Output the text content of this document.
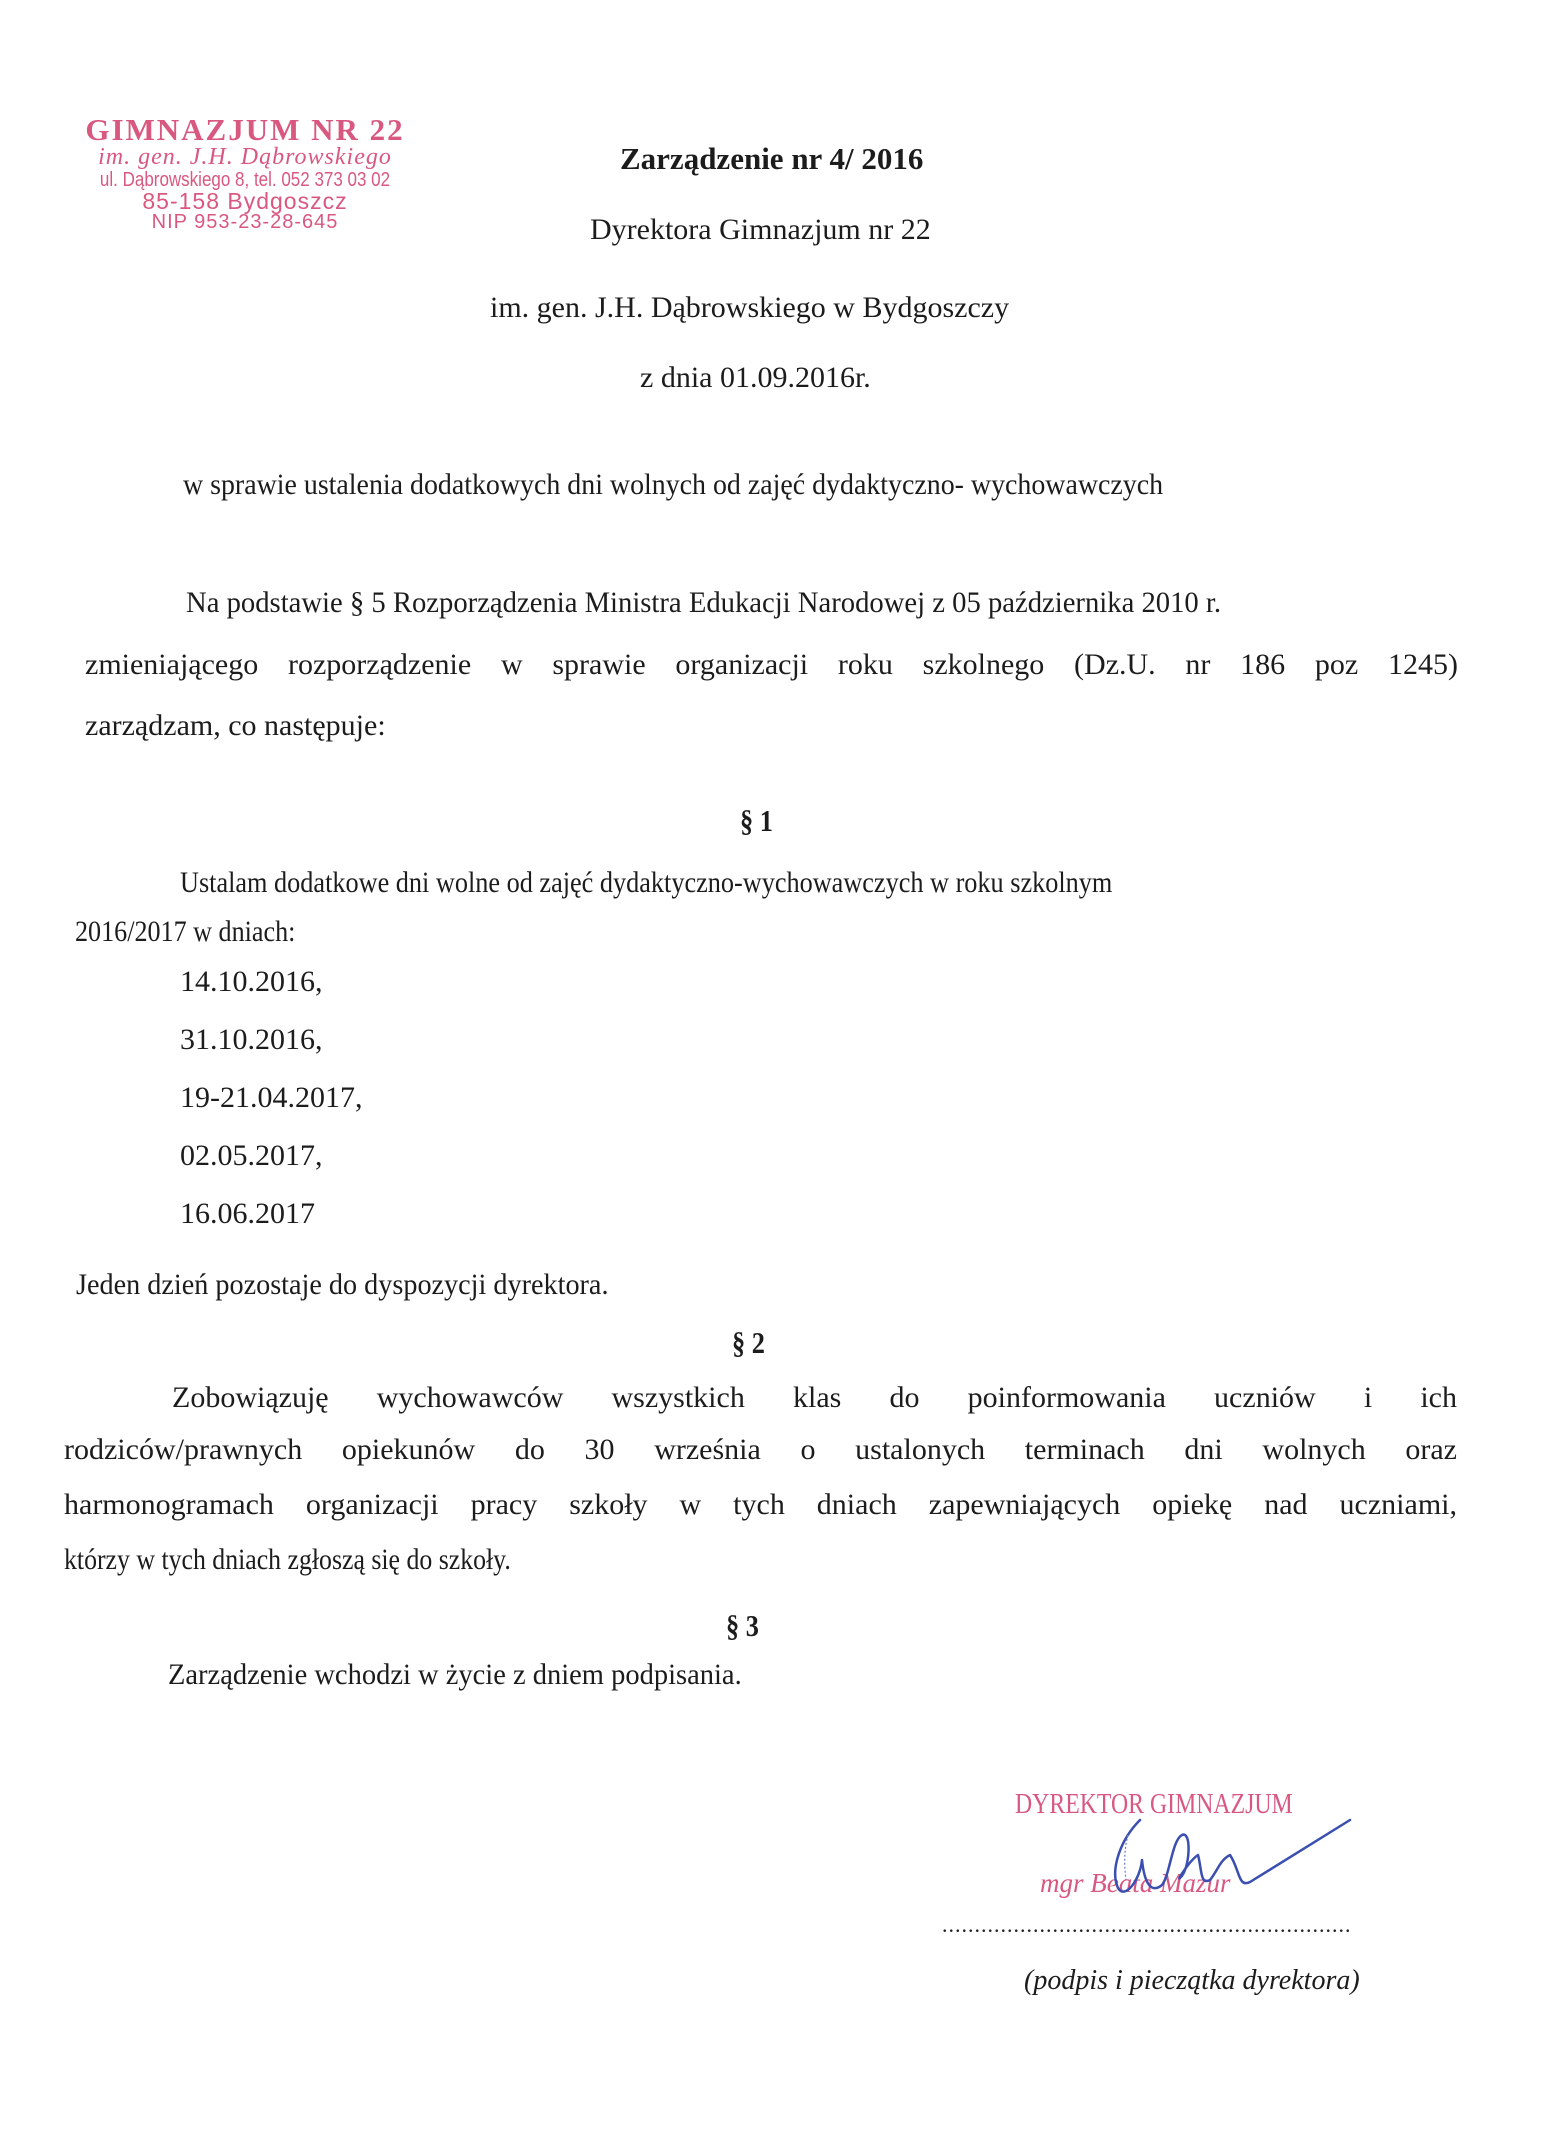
GIMNAZJUM NR 22
im. gen. J.H. Dąbrowskiego
ul. Dąbrowskiego 8, tel. 052 373 03 02
85-158 Bydgoszcz
NIP 953-23-28-645
Zarządzenie nr 4/ 2016
Dyrektora Gimnazjum nr 22
im. gen. J.H. Dąbrowskiego w Bydgoszczy
z dnia 01.09.2016r.
w sprawie ustalenia dodatkowych dni wolnych od zajęć dydaktyczno- wychowawczych
Na podstawie § 5 Rozporządzenia Ministra Edukacji Narodowej z 05 października 2010 r.
zmieniającego rozporządzenie w sprawie organizacji roku szkolnego (Dz.U. nr 186 poz 1245)
zarządzam, co następuje:
§ 1
Ustalam dodatkowe dni wolne od zajęć dydaktyczno-wychowawczych w roku szkolnym
2016/2017 w dniach:
14.10.2016,
31.10.2016,
19-21.04.2017,
02.05.2017,
16.06.2017
Jeden dzień pozostaje do dyspozycji dyrektora.
§ 2
Zobowiązuję wychowawców wszystkich klas do poinformowania uczniów i ich
rodziców/prawnych opiekunów do 30 września o ustalonych terminach dni wolnych oraz
harmonogramach organizacji pracy szkoły w tych dniach zapewniających opiekę nad uczniami,
którzy w tych dniach zgłoszą się do szkoły.
§ 3
Zarządzenie wchodzi w życie z dniem podpisania.
DYREKTOR GIMNAZJUM
mgr Beata Mazur
...............................................................
(podpis i pieczątka dyrektora)
